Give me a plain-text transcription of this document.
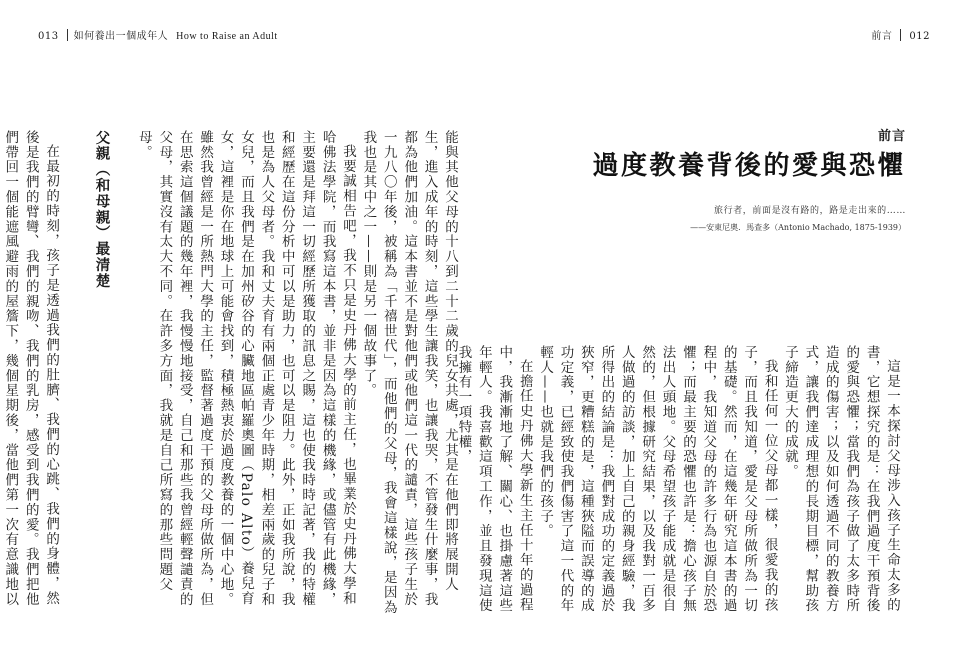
013 如何養出一個成年人 How to Raise an Adult
能與其他父母的十八到二十二歲的兒女共處，尤其是在他們即將展開人生，進入成年的時刻，這些學生讓我笑，也讓我哭，不管發生什麼事，我都為他們加油。這本書並不是對他們或他們這一代的譴責，這些孩子生於一九八〇年後，被稱為「千禧世代」，而他們的父母，我會這樣說，是因為我也是其中之一——則是另一個故事了。
我要誠相告吧，我不只是史丹佛大學的前主任，也畢業於史丹佛大學和哈佛法學院，而我寫這本書，並非是因為這樣的機緣，或儘管有此機緣，主要還是拜這一切經歷所獲取的訊息之賜，這也使我時時記著，我的特權和經歷在這份分析中可以是助力，也可以是阻力。此外，正如我所說，我也是為人父母者。我和丈夫育有兩個正處青少年時期，相差兩歲的兒子和女兒，而且我們是在加州矽谷的心臟地區帕羅奧圖（Palo Alto）養兒育女，這裡是你在地球上可能會找到，積極熱衷於過度教養的一個中心地。雖然我曾經是一所熱門大學的主任，監督著過度干預的父母所做所為，但在思索這個議題的幾年裡，我慢慢地接受，自己和那些我曾經輕聲譴責的父母，其實沒有太大不同。在許多方面，我就是自己所寫的那些問題父母。
父親（和母親）最清楚
在最初的時刻，孩子是透過我們的肚臍、我們的心跳、我們的身體，然後是我們的臂彎、我們的親吻、我們的乳房，感受到我們的愛。我們把他們帶回一個能遮風避雨的屋簷下，幾個星期後，當他們第一次有意識地以
前言 012
前言
過度教養背後的愛與恐懼
旅行者，前面是沒有路的，路是走出來的……
——安東尼奧．馬查多（Antonio Machado, 1875-1939）
這是一本探討父母涉入孩子生命太多的書，它想探究的是：在我們過度干預背後的愛與恐懼；當我們為孩子做了太多時所造成的傷害；以及如何透過不同的教養方式，讓我們達成理想的長期目標，幫助孩子締造更大的成就。
我和任何一位父母都一樣，很愛我的孩子，而且我知道，愛是父母所做所為一切的基礎。然而，在這幾年研究這本書的過程中，我知道父母的許多行為也源自於恐懼；而最主要的恐懼也許是：擔心孩子無法出人頭地。父母希望孩子能成就是很自然的，但根據研究結果，以及我對一百多人做過的訪談，加上自己的親身經驗，我所得出的結論是：我們對成功的定義過於狹窄，更糟糕的是，這種狹隘而誤導的成功定義，已經致使我們傷害了這一代的年輕人——也就是我們的孩子。
在擔任史丹佛大學新生主任十年的過程中，我漸漸地了解、關心、也掛慮著這些年輕人。我喜歡這項工作，並且發現這使我擁有一項特權，
